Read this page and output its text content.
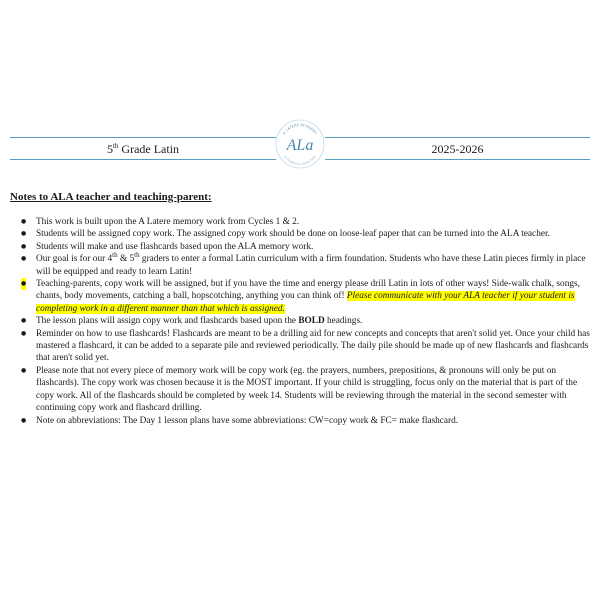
5th Grade Latin	2025-2026
A LATERE ACADEMY
A CLASSICAL EDUCATION
ALa
Notes to ALA teacher and teaching-parent:
● This work is built upon the A Latere memory work from Cycles 1 & 2.
● Students will be assigned copy work. The assigned copy work should be done on loose-leaf paper that can be turned into the ALA teacher.
● Students will make and use flashcards based upon the ALA memory work.
● Our goal is for our 4th & 5th graders to enter a formal Latin curriculum with a firm foundation. Students who have these Latin pieces firmly in place will be equipped and ready to learn Latin!
● Teaching-parents, copy work will be assigned, but if you have the time and energy please drill Latin in lots of other ways! Side-walk chalk, songs, chants, body movements, catching a ball, hopscotching, anything you can think of! Please communicate with your ALA teacher if your student is completing work in a different manner than that which is assigned.
● The lesson plans will assign copy work and flashcards based upon the BOLD headings.
● Reminder on how to use flashcards! Flashcards are meant to be a drilling aid for new concepts and concepts that aren't solid yet. Once your child has mastered a flashcard, it can be added to a separate pile and reviewed periodically. The daily pile should be made up of new flashcards and flashcards that aren't solid yet.
● Please note that not every piece of memory work will be copy work (eg. the prayers, numbers, prepositions, & pronouns will only be put on flashcards). The copy work was chosen because it is the MOST important. If your child is struggling, focus only on the material that is part of the copy work. All of the flashcards should be completed by week 14. Students will be reviewing through the material in the second semester with continuing copy work and flashcard drilling.
● Note on abbreviations: The Day 1 lesson plans have some abbreviations: CW=copy work & FC= make flashcard.
